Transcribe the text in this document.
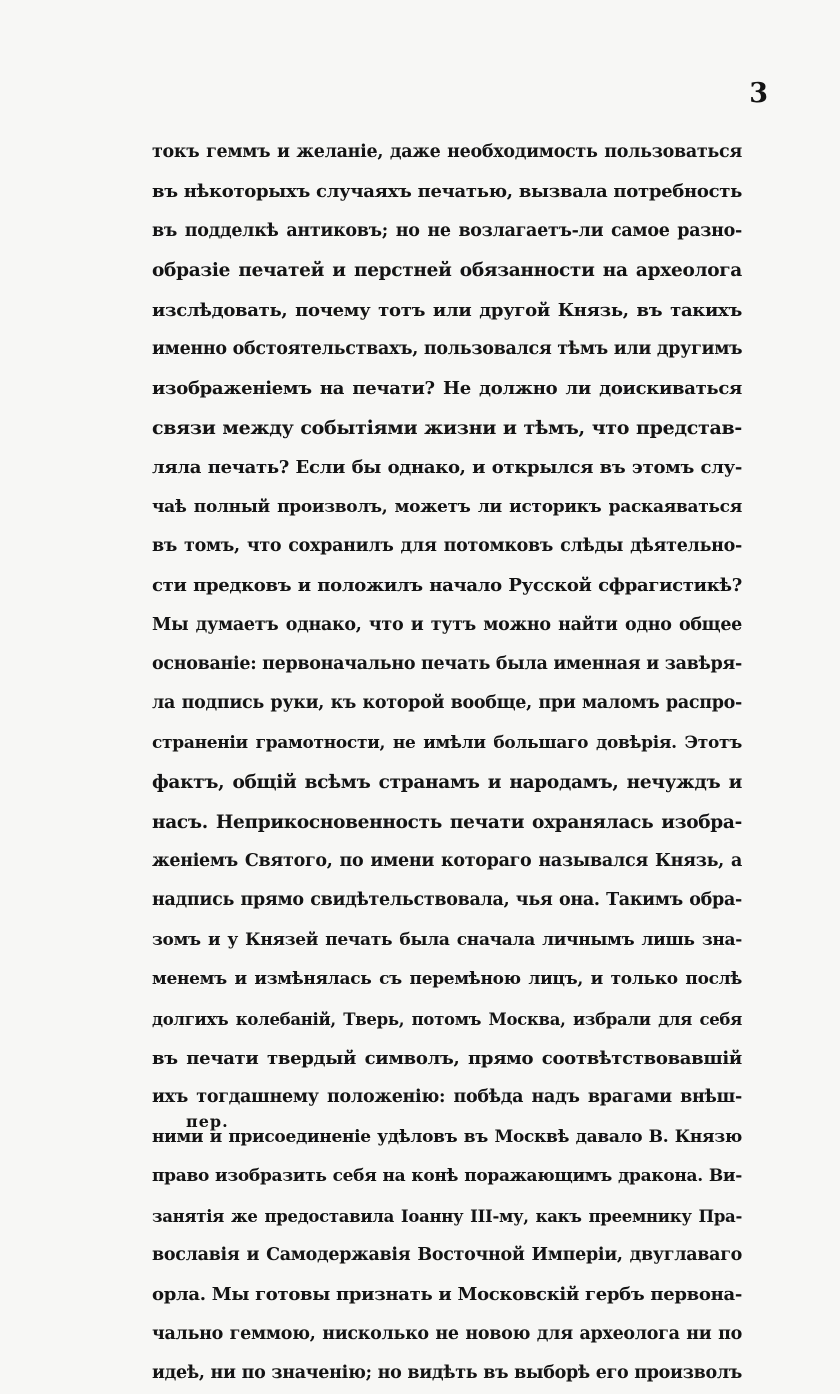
3
токъ геммъ и желаніе, даже необходимость пользоваться
въ нѣкоторыхъ случаяхъ печатью, вызвала потребность
въ подделкѣ антиковъ; но не возлагаетъ-ли самое разно-
образіе печатей и перстней обязанности на археолога
изслѣдовать, почему тотъ или другой Князь, въ такихъ
именно обстоятельствахъ, пользовался тѣмъ или другимъ
изображеніемъ на печати? Не должно ли доискиваться
связи между событіями жизни и тѣмъ, что представ-
ляла печать? Если бы однако, и открылся въ этомъ слу-
чаѣ полный произволъ, можетъ ли историкъ раскаяваться
въ томъ, что сохранилъ для потомковъ слѣды дѣятельно-
сти предковъ и положилъ начало Русской сфрагистикѣ?
Мы думаетъ однако, что и тутъ можно найти одно общее
основаніе: первоначально печать была именная и завѣря-
ла подпись руки, къ которой вообще, при маломъ распро-
страненіи грамотности, не имѣли большаго довѣрія. Этотъ
фактъ, общій всѣмъ странамъ и народамъ, нечуждъ и
насъ. Неприкосновенность печати охранялась изобра-
женіемъ Святого, по имени котораго назывался Князь, а
надпись прямо свидѣтельствовала, чья она. Такимъ обра-
зомъ и у Князей печать была сначала личнымъ лишь зна-
менемъ и измѣнялась съ перемѣною лицъ, и только послѣ
долгихъ колебаній, Тверь, потомъ Москва, избрали для себя
въ печати твердый символъ, прямо соотвѣтствовавшій
ихъ тогдашнему положенію: побѣда надъ врагами внѣш-
ними и присоединеніе удѣловъ въ Москвѣ давало В. Князю
право изобразить себя на конѣ поражающимъ дракона. Ви-
занятія же предоставила Іоанну III-му, какъ преемнику Пра-
вославія и Самодержавія Восточной Имперіи, двуглаваго
орла. Мы готовы признать и Московскій гербъ первона-
чально геммою, нисколько не новою для археолога ни по
идеѣ, ни по значенію; но видѣть въ выборѣ его произволъ
пер.
